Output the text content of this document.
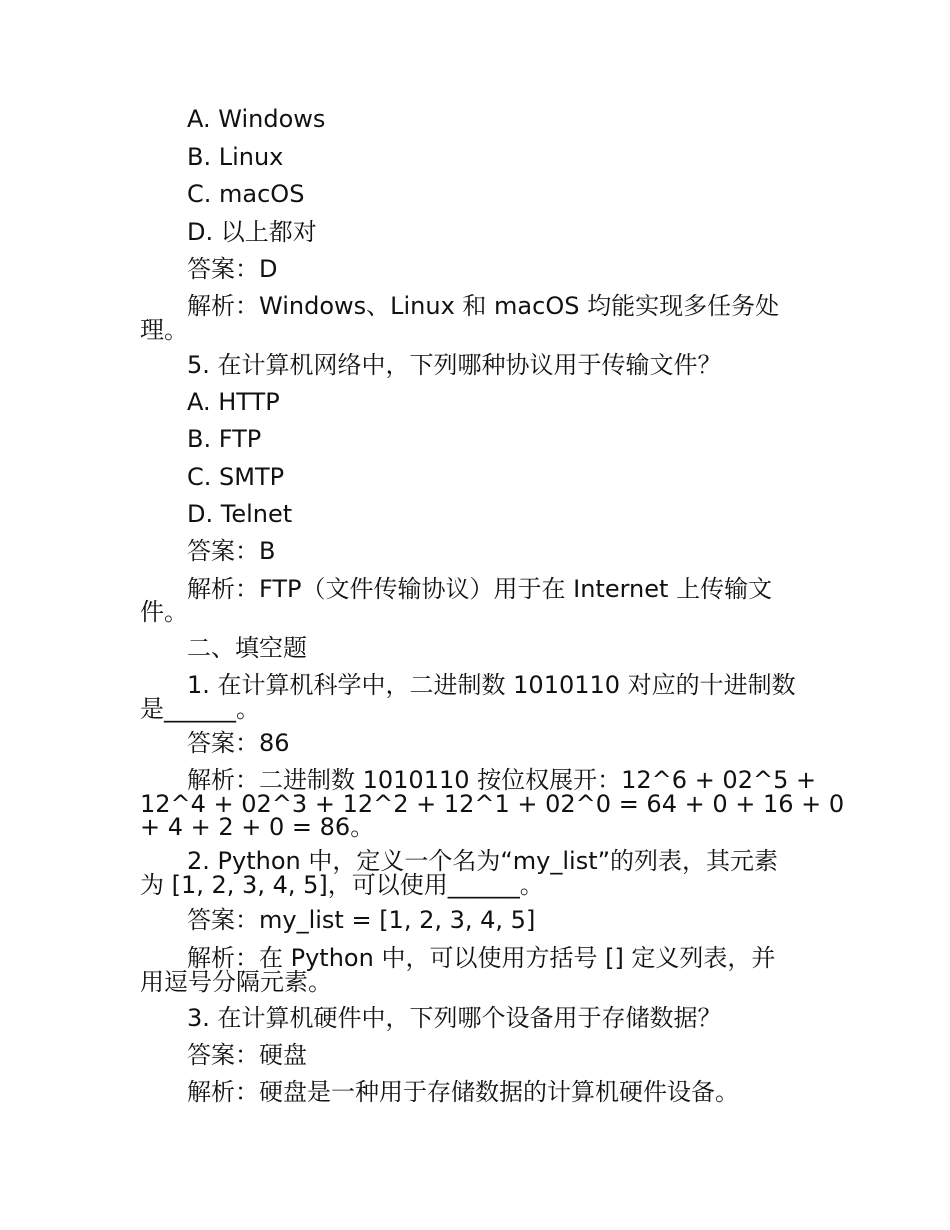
A. Windows
B. Linux
C. macOS
D. 以上都对
答案：D
解析：Windows、Linux 和 macOS 均能实现多任务处
理。
5. 在计算机网络中，下列哪种协议用于传输文件？
A. HTTP
B. FTP
C. SMTP
D. Telnet
答案：B
解析：FTP（文件传输协议）用于在 Internet 上传输文
件。
二、填空题
1. 在计算机科学中，二进制数 1010110 对应的十进制数
是______。
答案：86
解析：二进制数 1010110 按位权展开：12^6 + 02^5 +
12^4 + 02^3 + 12^2 + 12^1 + 02^0 = 64 + 0 + 16 + 0
+ 4 + 2 + 0 = 86。
2. Python 中，定义一个名为“my_list”的列表，其元素
为 [1, 2, 3, 4, 5]，可以使用______。
答案：my_list = [1, 2, 3, 4, 5]
解析：在 Python 中，可以使用方括号 [] 定义列表，并
用逗号分隔元素。
3. 在计算机硬件中，下列哪个设备用于存储数据？
答案：硬盘
解析：硬盘是一种用于存储数据的计算机硬件设备。
